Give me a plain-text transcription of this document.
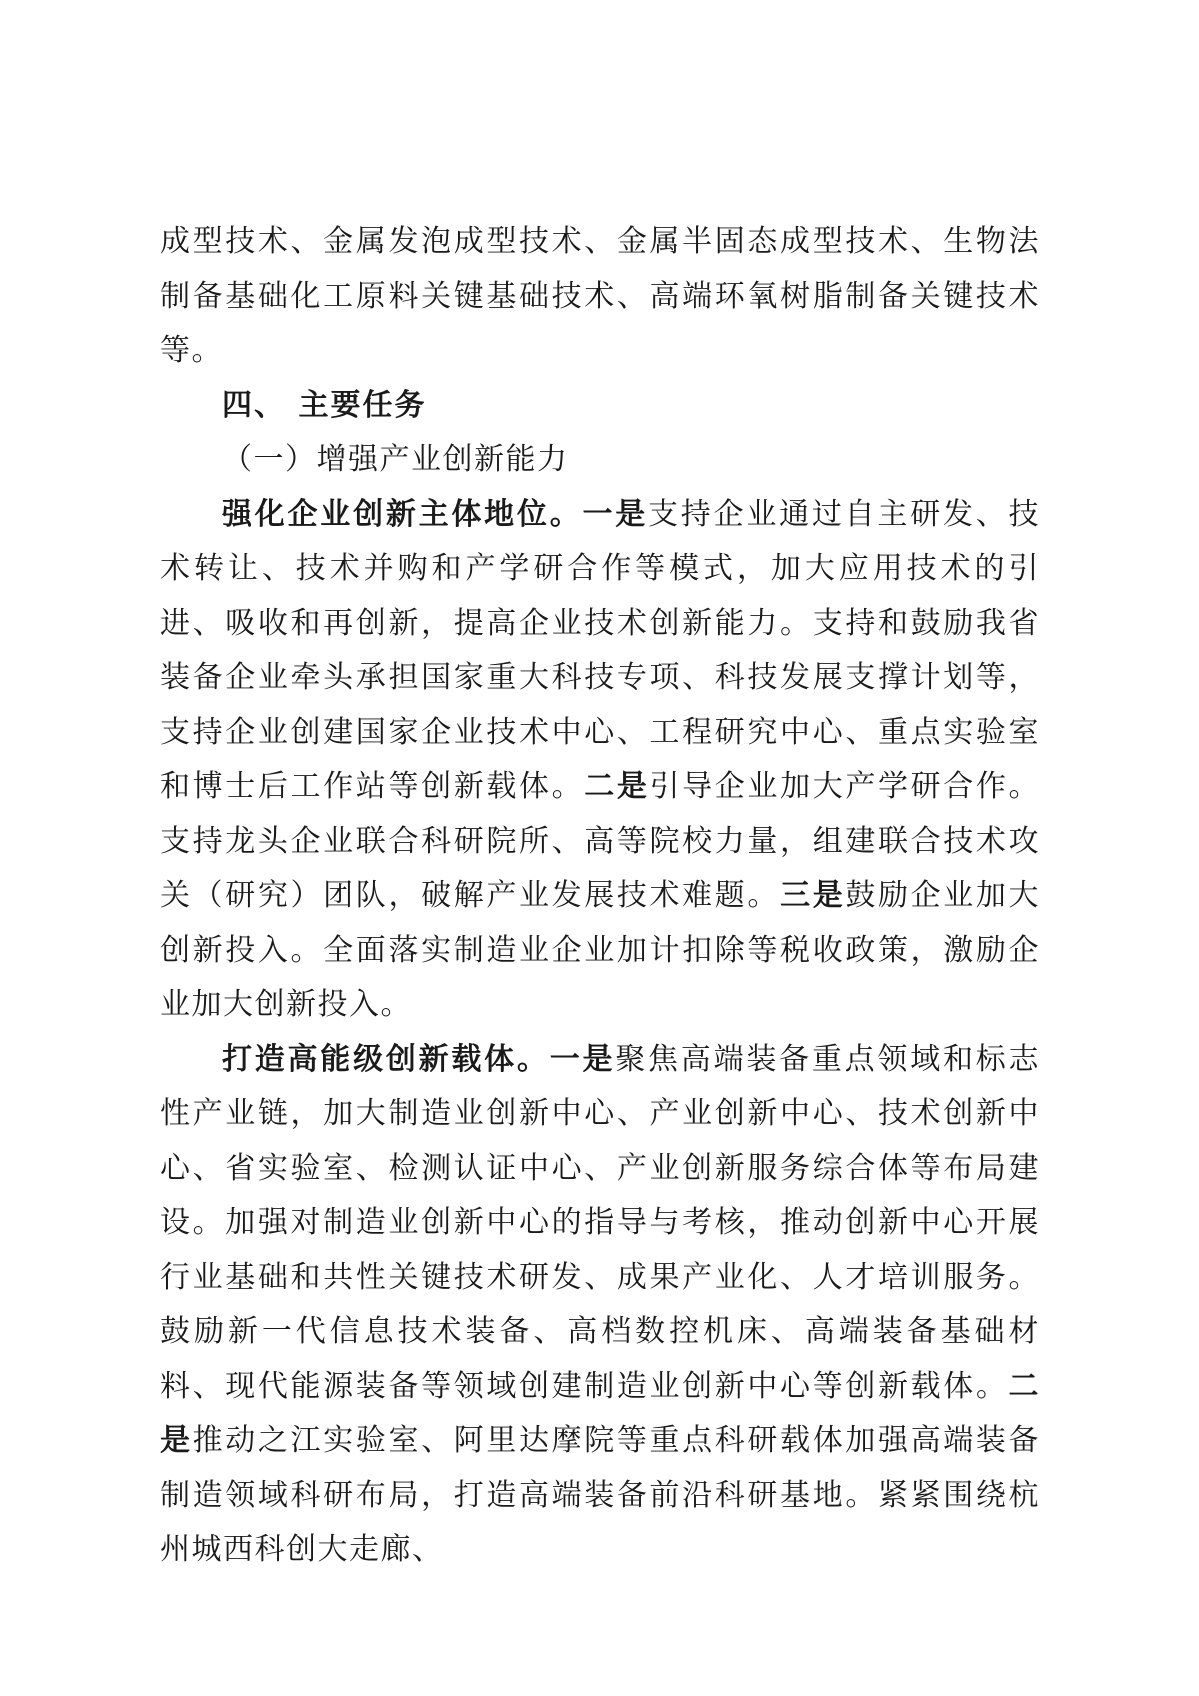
成型技术、金属发泡成型技术、金属半固态成型技术、生物法制备基础化工原料关键基础技术、高端环氧树脂制备关键技术等。

四、 主要任务

（一）增强产业创新能力

强化企业创新主体地位。一是支持企业通过自主研发、技术转让、技术并购和产学研合作等模式，加大应用技术的引进、吸收和再创新，提高企业技术创新能力。支持和鼓励我省装备企业牵头承担国家重大科技专项、科技发展支撑计划等，支持企业创建国家企业技术中心、工程研究中心、重点实验室和博士后工作站等创新载体。二是引导企业加大产学研合作。支持龙头企业联合科研院所、高等院校力量，组建联合技术攻关（研究）团队，破解产业发展技术难题。三是鼓励企业加大创新投入。全面落实制造业企业加计扣除等税收政策，激励企业加大创新投入。

打造高能级创新载体。一是聚焦高端装备重点领域和标志性产业链，加大制造业创新中心、产业创新中心、技术创新中心、省实验室、检测认证中心、产业创新服务综合体等布局建设。加强对制造业创新中心的指导与考核，推动创新中心开展行业基础和共性关键技术研发、成果产业化、人才培训服务。鼓励新一代信息技术装备、高档数控机床、高端装备基础材料、现代能源装备等领域创建制造业创新中心等创新载体。二是推动之江实验室、阿里达摩院等重点科研载体加强高端装备制造领域科研布局，打造高端装备前沿科研基地。紧紧围绕杭州城西科创大走廊、
